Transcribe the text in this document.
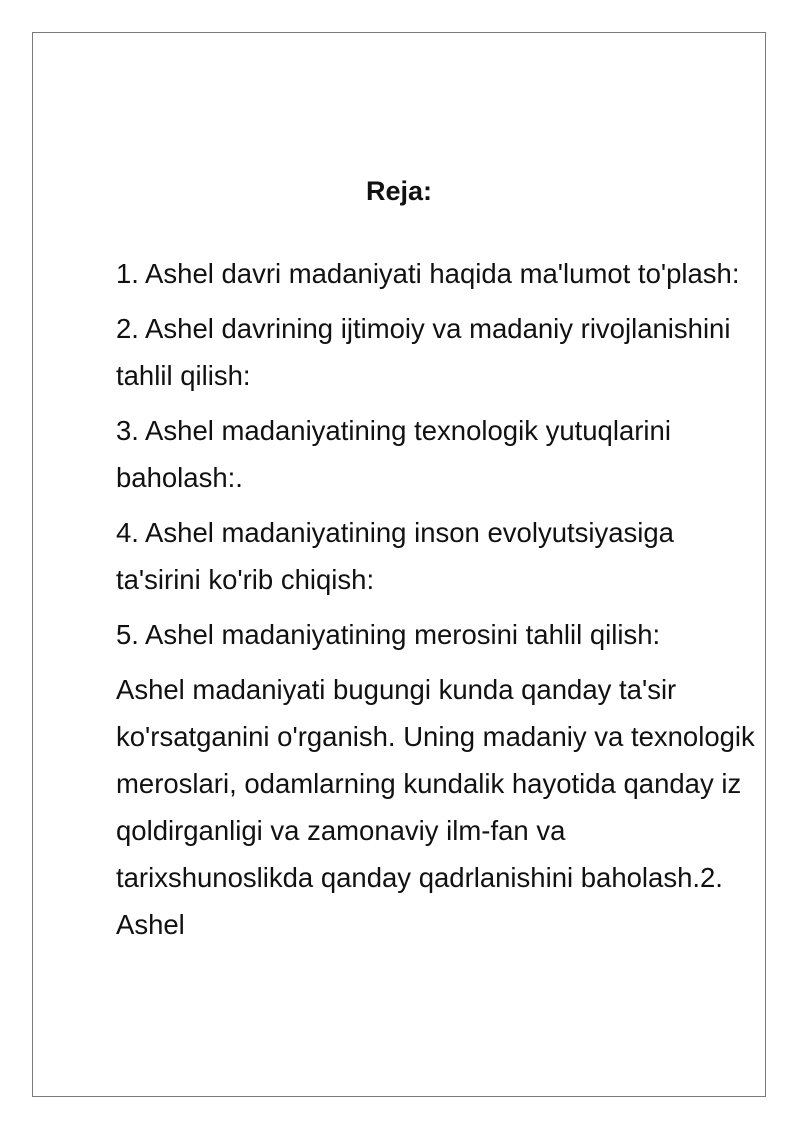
Reja:

1. Ashel davri madaniyati haqida ma'lumot to'plash:

2. Ashel davrining ijtimoiy va madaniy rivojlanishini tahlil qilish:

3. Ashel madaniyatining texnologik yutuqlarini baholash:.

4. Ashel madaniyatining inson evolyutsiyasiga ta'sirini ko'rib chiqish:

5. Ashel madaniyatining merosini tahlil qilish:

Ashel madaniyati bugungi kunda qanday ta'sir ko'rsatganini o'rganish. Uning madaniy va texnologik meroslari, odamlarning kundalik hayotida qanday iz qoldirganligi va zamonaviy ilm-fan va tarixshunoslikda qanday qadrlanishini baholash.2. Ashel
